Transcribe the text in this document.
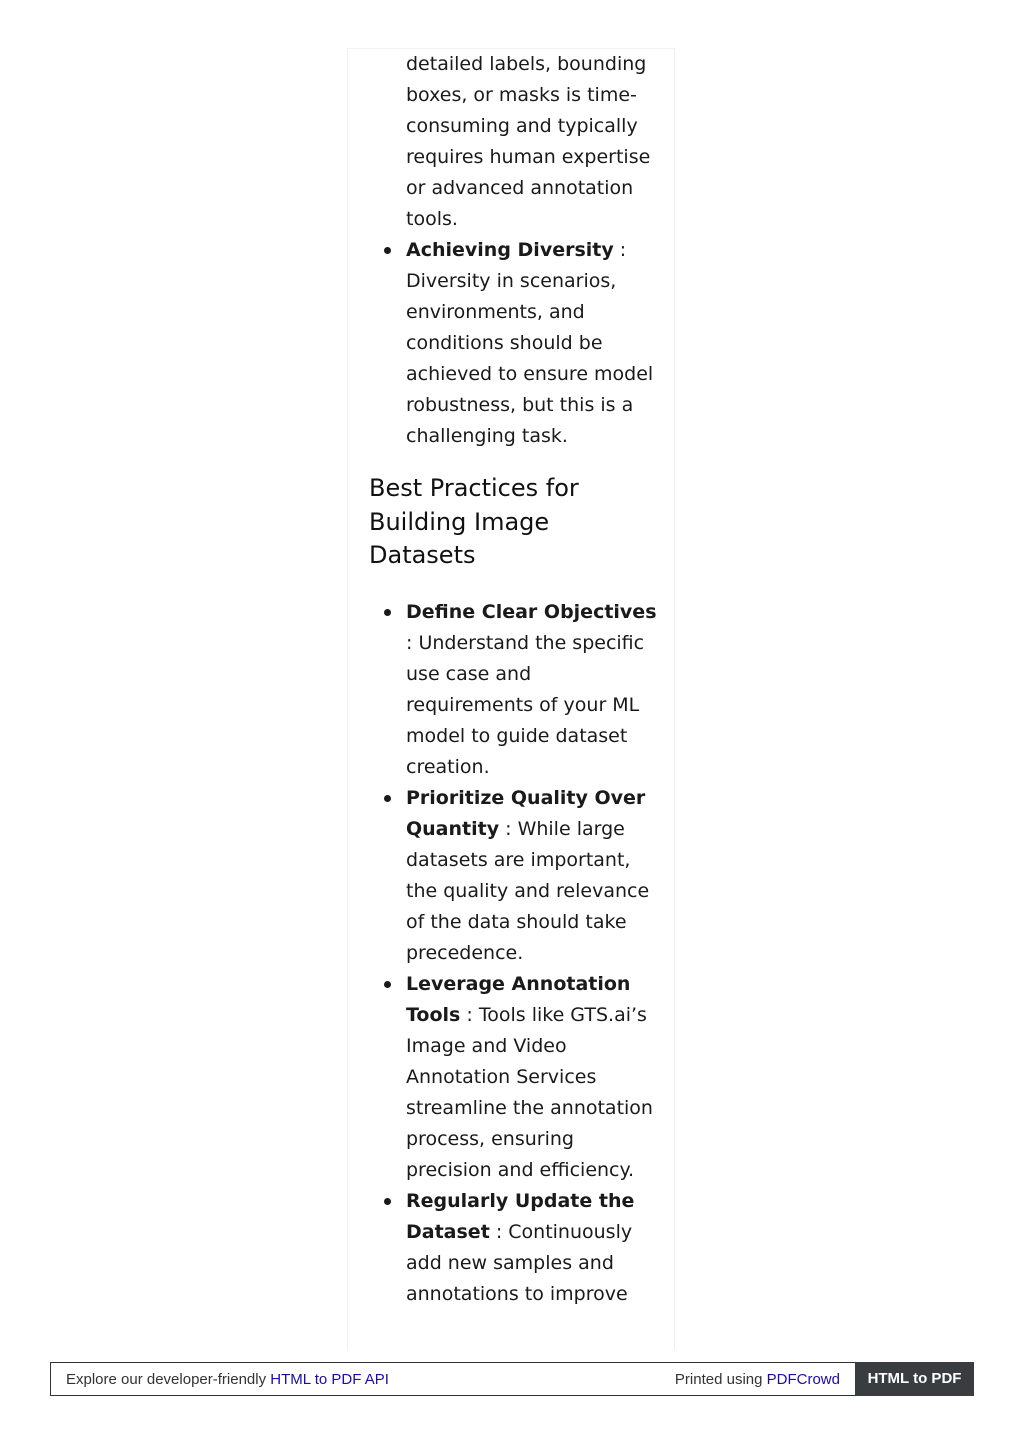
detailed labels, bounding boxes, or masks is time-consuming and typically requires human expertise or advanced annotation tools.
Achieving Diversity : Diversity in scenarios, environments, and conditions should be achieved to ensure model robustness, but this is a challenging task.
Best Practices for Building Image Datasets
Define Clear Objectives : Understand the specific use case and requirements of your ML model to guide dataset creation.
Prioritize Quality Over Quantity : While large datasets are important, the quality and relevance of the data should take precedence.
Leverage Annotation Tools : Tools like GTS.ai’s Image and Video Annotation Services streamline the annotation process, ensuring precision and efficiency.
Regularly Update the Dataset : Continuously add new samples and annotations to improve
Explore our developer-friendly HTML to PDF API	Printed using PDFCrowd	HTML to PDF
